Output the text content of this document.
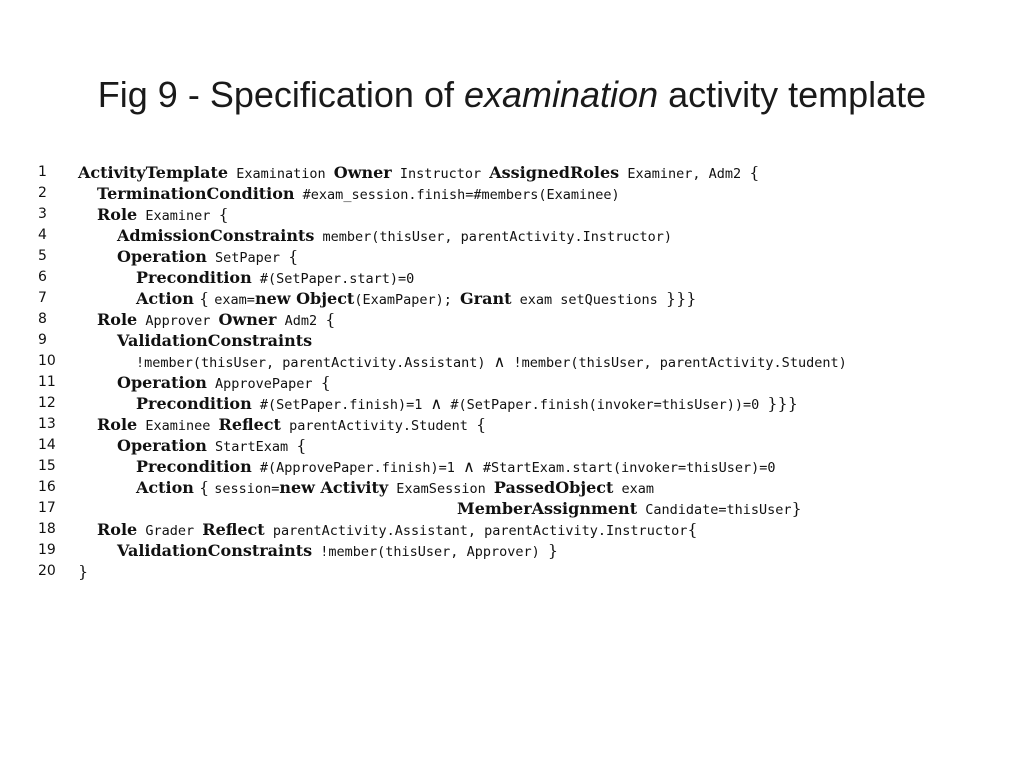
Fig 9 - Specification of examination activity template
1	ActivityTemplate Examination Owner Instructor AssignedRoles Examiner, Adm2 {
2	TerminationCondition #exam_session.finish=#members(Examinee)
3	Role Examiner {
4	AdmissionConstraints member(thisUser, parentActivity.Instructor)
5	Operation SetPaper {
6	Precondition #(SetPaper.start)=0
7	Action { exam=new Object(ExamPaper); Grant exam setQuestions }}}
8	Role Approver Owner Adm2 {
9	ValidationConstraints
10	!member(thisUser, parentActivity.Assistant) ∧ !member(thisUser, parentActivity.Student)
11	Operation ApprovePaper {
12	Precondition #(SetPaper.finish)=1 ∧ #(SetPaper.finish(invoker=thisUser))=0 }}}
13	Role Examinee Reflect parentActivity.Student {
14	Operation StartExam {
15	Precondition #(ApprovePaper.finish)=1 ∧ #StartExam.start(invoker=thisUser)=0
16	Action { session=new Activity ExamSession PassedObject exam
17	MemberAssignment Candidate=thisUser}
18	Role Grader Reflect parentActivity.Assistant, parentActivity.Instructor{
19	ValidationConstraints !member(thisUser, Approver) }
20	}
